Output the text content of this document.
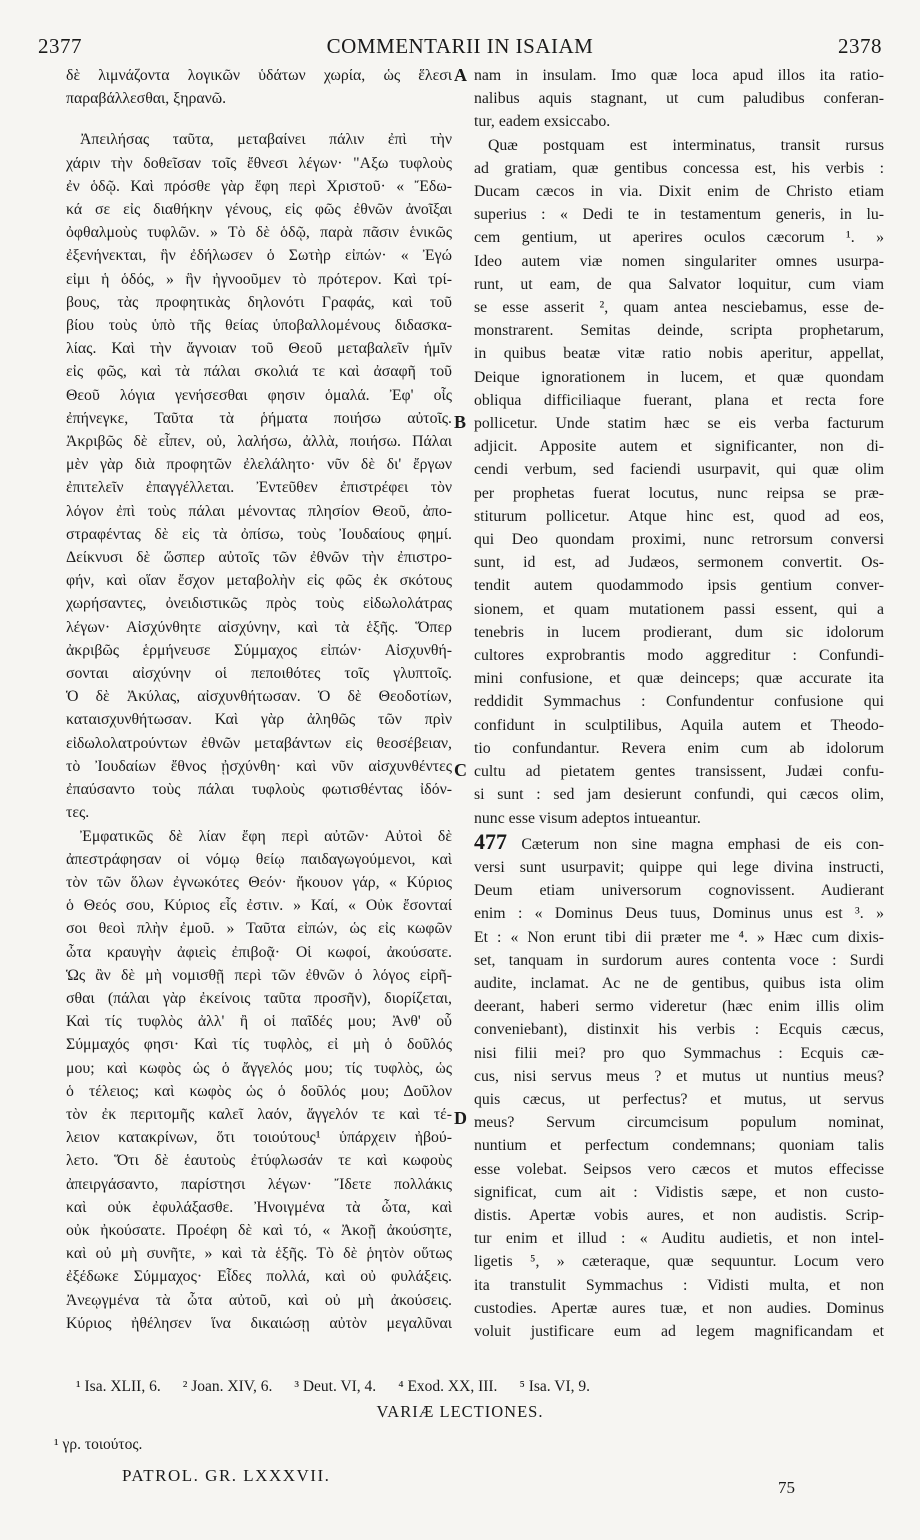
2377	COMMENTARII IN ISAIAM	2378
δὲ λιμνάζοντα λογικῶν ὑδάτων χωρία, ὡς ἕλεσι
παραβάλλεσθαι, ξηρανῶ.
Ἀπειλήσας ταῦτα, μεταβαίνει πάλιν ἐπὶ τὴν
χάριν τὴν δοθεῖσαν τοῖς ἔθνεσι λέγων· "Αξω τυφλοὺς
ἐν ὁδῷ. Καὶ πρόσθε γὰρ ἔφη περὶ Χριστοῦ· « Ἔδω-
κά σε εἰς διαθήκην γένους, εἰς φῶς ἐθνῶν ἀνοῖξαι
ὀφθαλμοὺς τυφλῶν. » Τὸ δὲ ὁδῷ, παρὰ πᾶσιν ἑνικῶς
ἐξενήνεκται, ἣν ἐδήλωσεν ὁ Σωτὴρ εἰπών· « Ἐγώ
εἰμι ἡ ὁδός, » ἣν ἠγνοοῦμεν τὸ πρότερον. Καὶ τρί-
βους, τὰς προφητικὰς δηλονότι Γραφάς, καὶ τοῦ
βίου τοὺς ὑπὸ τῆς θείας ὑποβαλλομένους διδασκα-
λίας. Καὶ τὴν ἄγνοιαν τοῦ Θεοῦ μεταβαλεῖν ἡμῖν
εἰς φῶς, καὶ τὰ πάλαι σκολιά τε καὶ ἀσαφῆ τοῦ
Θεοῦ λόγια γενήσεσθαι φησιν ὁμαλά. Ἐφ' οἷς
ἐπήνεγκε, Ταῦτα τὰ ῥήματα ποιήσω αὐτοῖς.
Ἀκριβῶς δὲ εἶπεν, οὐ, λαλήσω, ἀλλὰ, ποιήσω. Πάλαι
μὲν γὰρ διὰ προφητῶν ἐλελάλητο· νῦν δὲ δι' ἔργων
ἐπιτελεῖν ἐπαγγέλλεται. Ἐντεῦθεν ἐπιστρέφει τὸν
λόγον ἐπὶ τοὺς πάλαι μένοντας πλησίον Θεοῦ, ἀπο-
στραφέντας δὲ εἰς τὰ ὀπίσω, τοὺς Ἰουδαίους φημί.
Δείκνυσι δὲ ὥσπερ αὐτοῖς τῶν ἐθνῶν τὴν ἐπιστρο-
φήν, καὶ οἵαν ἔσχον μεταβολὴν εἰς φῶς ἐκ σκότους
χωρήσαντες, ὀνειδιστικῶς πρὸς τοὺς εἰδωλολάτρας
λέγων· Αἰσχύνθητε αἰσχύνην, καὶ τὰ ἑξῆς. Ὅπερ
ἀκριβῶς ἑρμήνευσε Σύμμαχος εἰπών· Αἰσχυνθή-
σονται αἰσχύνην οἱ πεποιθότες τοῖς γλυπτοῖς.
Ὁ δὲ Ἀκύλας, αἰσχυνθήτωσαν. Ὁ δὲ Θεοδοτίων,
καταισχυνθήτωσαν. Καὶ γὰρ ἀληθῶς τῶν πρὶν
εἰδωλολατρούντων ἐθνῶν μεταβάντων εἰς θεοσέβειαν,
τὸ Ἰουδαίων ἔθνος ᾐσχύνθη· καὶ νῦν αἰσχυνθέντες
ἐπαύσαντο τοὺς πάλαι τυφλοὺς φωτισθέντας ἰδόν-
τες.
Ἐμφατικῶς δὲ λίαν ἔφη περὶ αὐτῶν· Αὐτοὶ δὲ
ἀπεστράφησαν οἱ νόμῳ θείῳ παιδαγωγούμενοι, καὶ
τὸν τῶν ὅλων ἐγνωκότες Θεόν· ἤκουον γάρ, « Κύριος
ὁ Θεός σου, Κύριος εἷς ἐστιν. » Καί, « Οὐκ ἔσονταί
σοι θεοὶ πλὴν ἐμοῦ. » Ταῦτα εἰπών, ὡς εἰς κωφῶν
ὦτα κραυγὴν ἀφιεὶς ἐπιβοᾷ· Οἱ κωφοί, ἀκούσατε.
Ὡς ἂν δὲ μὴ νομισθῇ περὶ τῶν ἐθνῶν ὁ λόγος εἰρῆ-
σθαι (πάλαι γὰρ ἐκείνοις ταῦτα προσῆν), διορίζεται,
Καὶ τίς τυφλὸς ἀλλ' ἢ οἱ παῖδές μου; Ἀνθ' οὗ
Σύμμαχός φησι· Καὶ τίς τυφλὸς, εἰ μὴ ὁ δοῦλός
μου; καὶ κωφὸς ὡς ὁ ἄγγελός μου; τίς τυφλὸς, ὡς
ὁ τέλειος; καὶ κωφὸς ὡς ὁ δοῦλός μου; Δοῦλον
τὸν ἐκ περιτομῆς καλεῖ λαόν, ἄγγελόν τε καὶ τέ-
λειον κατακρίνων, ὅτι τοιούτους¹ ὑπάρχειν ἠβού-
λετο. Ὅτι δὲ ἑαυτοὺς ἐτύφλωσάν τε καὶ κωφοὺς
ἀπειργάσαντο, παρίστησι λέγων· Ἴδετε πολλάκις
καὶ οὐκ ἐφυλάξασθε. Ἠνοιγμένα τὰ ὦτα, καὶ
οὐκ ἠκούσατε. Προέφη δὲ καὶ τό, « Ἀκοῇ ἀκούσητε,
καὶ οὐ μὴ συνῆτε, » καὶ τὰ ἑξῆς. Τὸ δὲ ῥητὸν οὕτως
ἐξέδωκε Σύμμαχος· Εἶδες πολλά, καὶ οὐ φυλάξεις.
Ἀνεῳγμένα τὰ ὦτα αὐτοῦ, καὶ οὐ μὴ ἀκούσεις.
Κύριος ἠθέλησεν ἵνα δικαιώσῃ αὐτὸν μεγαλῦναι
nam in insulam. Imo quæ loca apud illos ita ratio-
nalibus aquis stagnant, ut cum paludibus conferan-
tur, eadem exsiccabo.
Quæ postquam est interminatus, transit rursus
ad gratiam, quæ gentibus concessa est, his verbis :
Ducam cæcos in via. Dixit enim de Christo etiam
superius : « Dedi te in testamentum generis, in lu-
cem gentium, ut aperires oculos cæcorum ¹. »
Ideo autem viæ nomen singulariter omnes usurpa-
runt, ut eam, de qua Salvator loquitur, cum viam
se esse asserit ², quam antea nesciebamus, esse de-
monstrarent. Semitas deinde, scripta prophetarum,
in quibus beatæ vitæ ratio nobis aperitur, appellat,
Deique ignorationem in lucem, et quæ quondam
obliqua difficiliaque fuerant, plana et recta fore
pollicetur. Unde statim hæc se eis verba facturum
adjicit. Apposite autem et significanter, non di-
cendi verbum, sed faciendi usurpavit, qui quæ olim
per prophetas fuerat locutus, nunc reipsa se præ-
stiturum pollicetur. Atque hinc est, quod ad eos,
qui Deo quondam proximi, nunc retrorsum conversi
sunt, id est, ad Judæos, sermonem convertit. Os-
tendit autem quodammodo ipsis gentium conver-
sionem, et quam mutationem passi essent, qui a
tenebris in lucem prodierant, dum sic idolorum
cultores exprobrantis modo aggreditur : Confundi-
mini confusione, et quæ deinceps; quæ accurate ita
reddidit Symmachus : Confundentur confusione qui
confidunt in sculptilibus, Aquila autem et Theodo-
tio confundantur. Revera enim cum ab idolorum
cultu ad pietatem gentes transissent, Judæi confu-
si sunt : sed jam desierunt confundi, qui cæcos olim,
nunc esse visum adeptos intueantur.
477 Cæterum non sine magna emphasi de eis con-
versi sunt usurpavit; quippe qui lege divina instructi,
Deum etiam universorum cognovissent. Audierant
enim : « Dominus Deus tuus, Dominus unus est ³. »
Et : « Non erunt tibi dii præter me ⁴. » Hæc cum dixis-
set, tanquam in surdorum aures contenta voce : Surdi
audite, inclamat. Ac ne de gentibus, quibus ista olim
deerant, haberi sermo videretur (hæc enim illis olim
conveniebant), distinxit his verbis : Ecquis cæcus,
nisi filii mei? pro quo Symmachus : Ecquis cæ-
cus, nisi servus meus ? et mutus ut nuntius meus?
quis cæcus, ut perfectus? et mutus, ut servus
meus? Servum circumcisum populum nominat,
nuntium et perfectum condemnans; quoniam talis
esse volebat. Seipsos vero cæcos et mutos effecisse
significat, cum ait : Vidistis sæpe, et non custo-
distis. Apertæ vobis aures, et non audistis. Scrip-
tur enim et illud : « Auditu audietis, et non intel-
ligetis ⁵, » cæteraque, quæ sequuntur. Locum vero
ita transtulit Symmachus : Vidisti multa, et non
custodies. Apertæ aures tuæ, et non audies. Dominus
voluit justificare eum ad legem magnificandam et
A
B
C
D
¹ Isa. XLII, 6. ² Joan. XIV, 6. ³ Deut. VI, 4. ⁴ Exod. XX, III. ⁵ Isa. VI, 9.
VARIÆ LECTIONES.
¹ γρ. τοιούτος.
PATROL. GR. LXXXVII.
75
